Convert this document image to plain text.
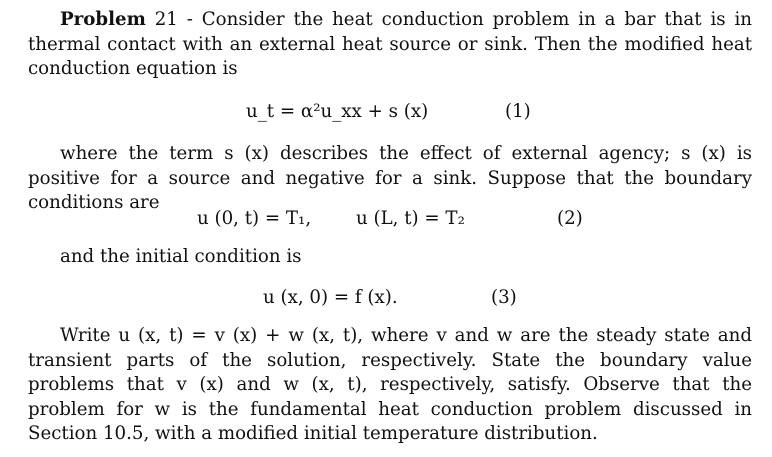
Problem 21 - Consider the heat conduction problem in a bar that is in thermal contact with an external heat source or sink. Then the modified heat conduction equation is
u_t = α²u_xx + s (x)	(1)
where the term s (x) describes the effect of external agency; s (x) is positive for a source and negative for a sink. Suppose that the boundary conditions are
u (0, t) = T₁, u (L, t) = T₂	(2)
and the initial condition is
u (x, 0) = f (x).	(3)
Write u (x, t) = v (x) + w (x, t), where v and w are the steady state and transient parts of the solution, respectively. State the boundary value problems that v (x) and w (x, t), respectively, satisfy. Observe that the problem for w is the fundamental heat conduction problem discussed in Section 10.5, with a modified initial temperature distribution.
